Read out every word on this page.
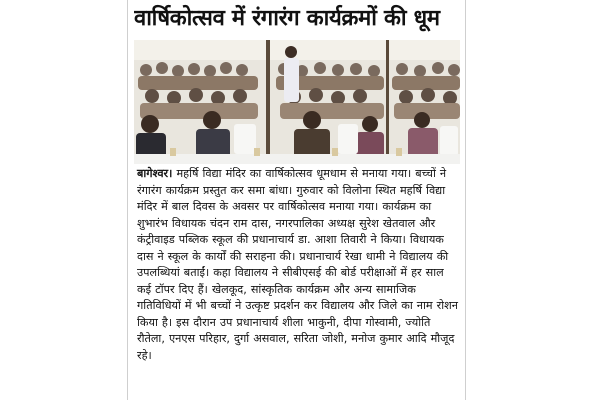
वार्षिकोत्सव में रंगारंग कार्यक्रमों की धूम

बागेश्वर। महर्षि विद्या मंदिर का वार्षिकोत्सव धूमधाम से मनाया गया। बच्चों ने रंगारंग कार्यक्रम प्रस्तुत कर समा बांधा। गुरुवार को विलोना स्थित महर्षि विद्या मंदिर में बाल दिवस के अवसर पर वार्षिकोत्सव मनाया गया। कार्यक्रम का शुभारंभ विधायक चंदन राम दास, नगरपालिका अध्यक्ष सुरेश खेतवाल और कंट्रीवाइड पब्लिक स्कूल की प्रधानाचार्य डा. आशा तिवारी ने किया। विधायक दास ने स्कूल के कार्यों की सराहना की। प्रधानाचार्य रेखा धामी ने विद्यालय की उपलब्धियां बताईं। कहा विद्यालय ने सीबीएसई की बोर्ड परीक्षाओं में हर साल कई टॉपर दिए हैं। खेलकूद, सांस्कृतिक कार्यक्रम और अन्य सामाजिक गतिविधियों में भी बच्चों ने उत्कृष्ट प्रदर्शन कर विद्यालय और जिले का नाम रोशन किया है। इस दौरान उप प्रधानाचार्य शीला भाकुनी, दीपा गोस्वामी, ज्योति रौतेला, एनएस परिहार, दुर्गा असवाल, सरिता जोशी, मनोज कुमार आदि मौजूद रहे।
